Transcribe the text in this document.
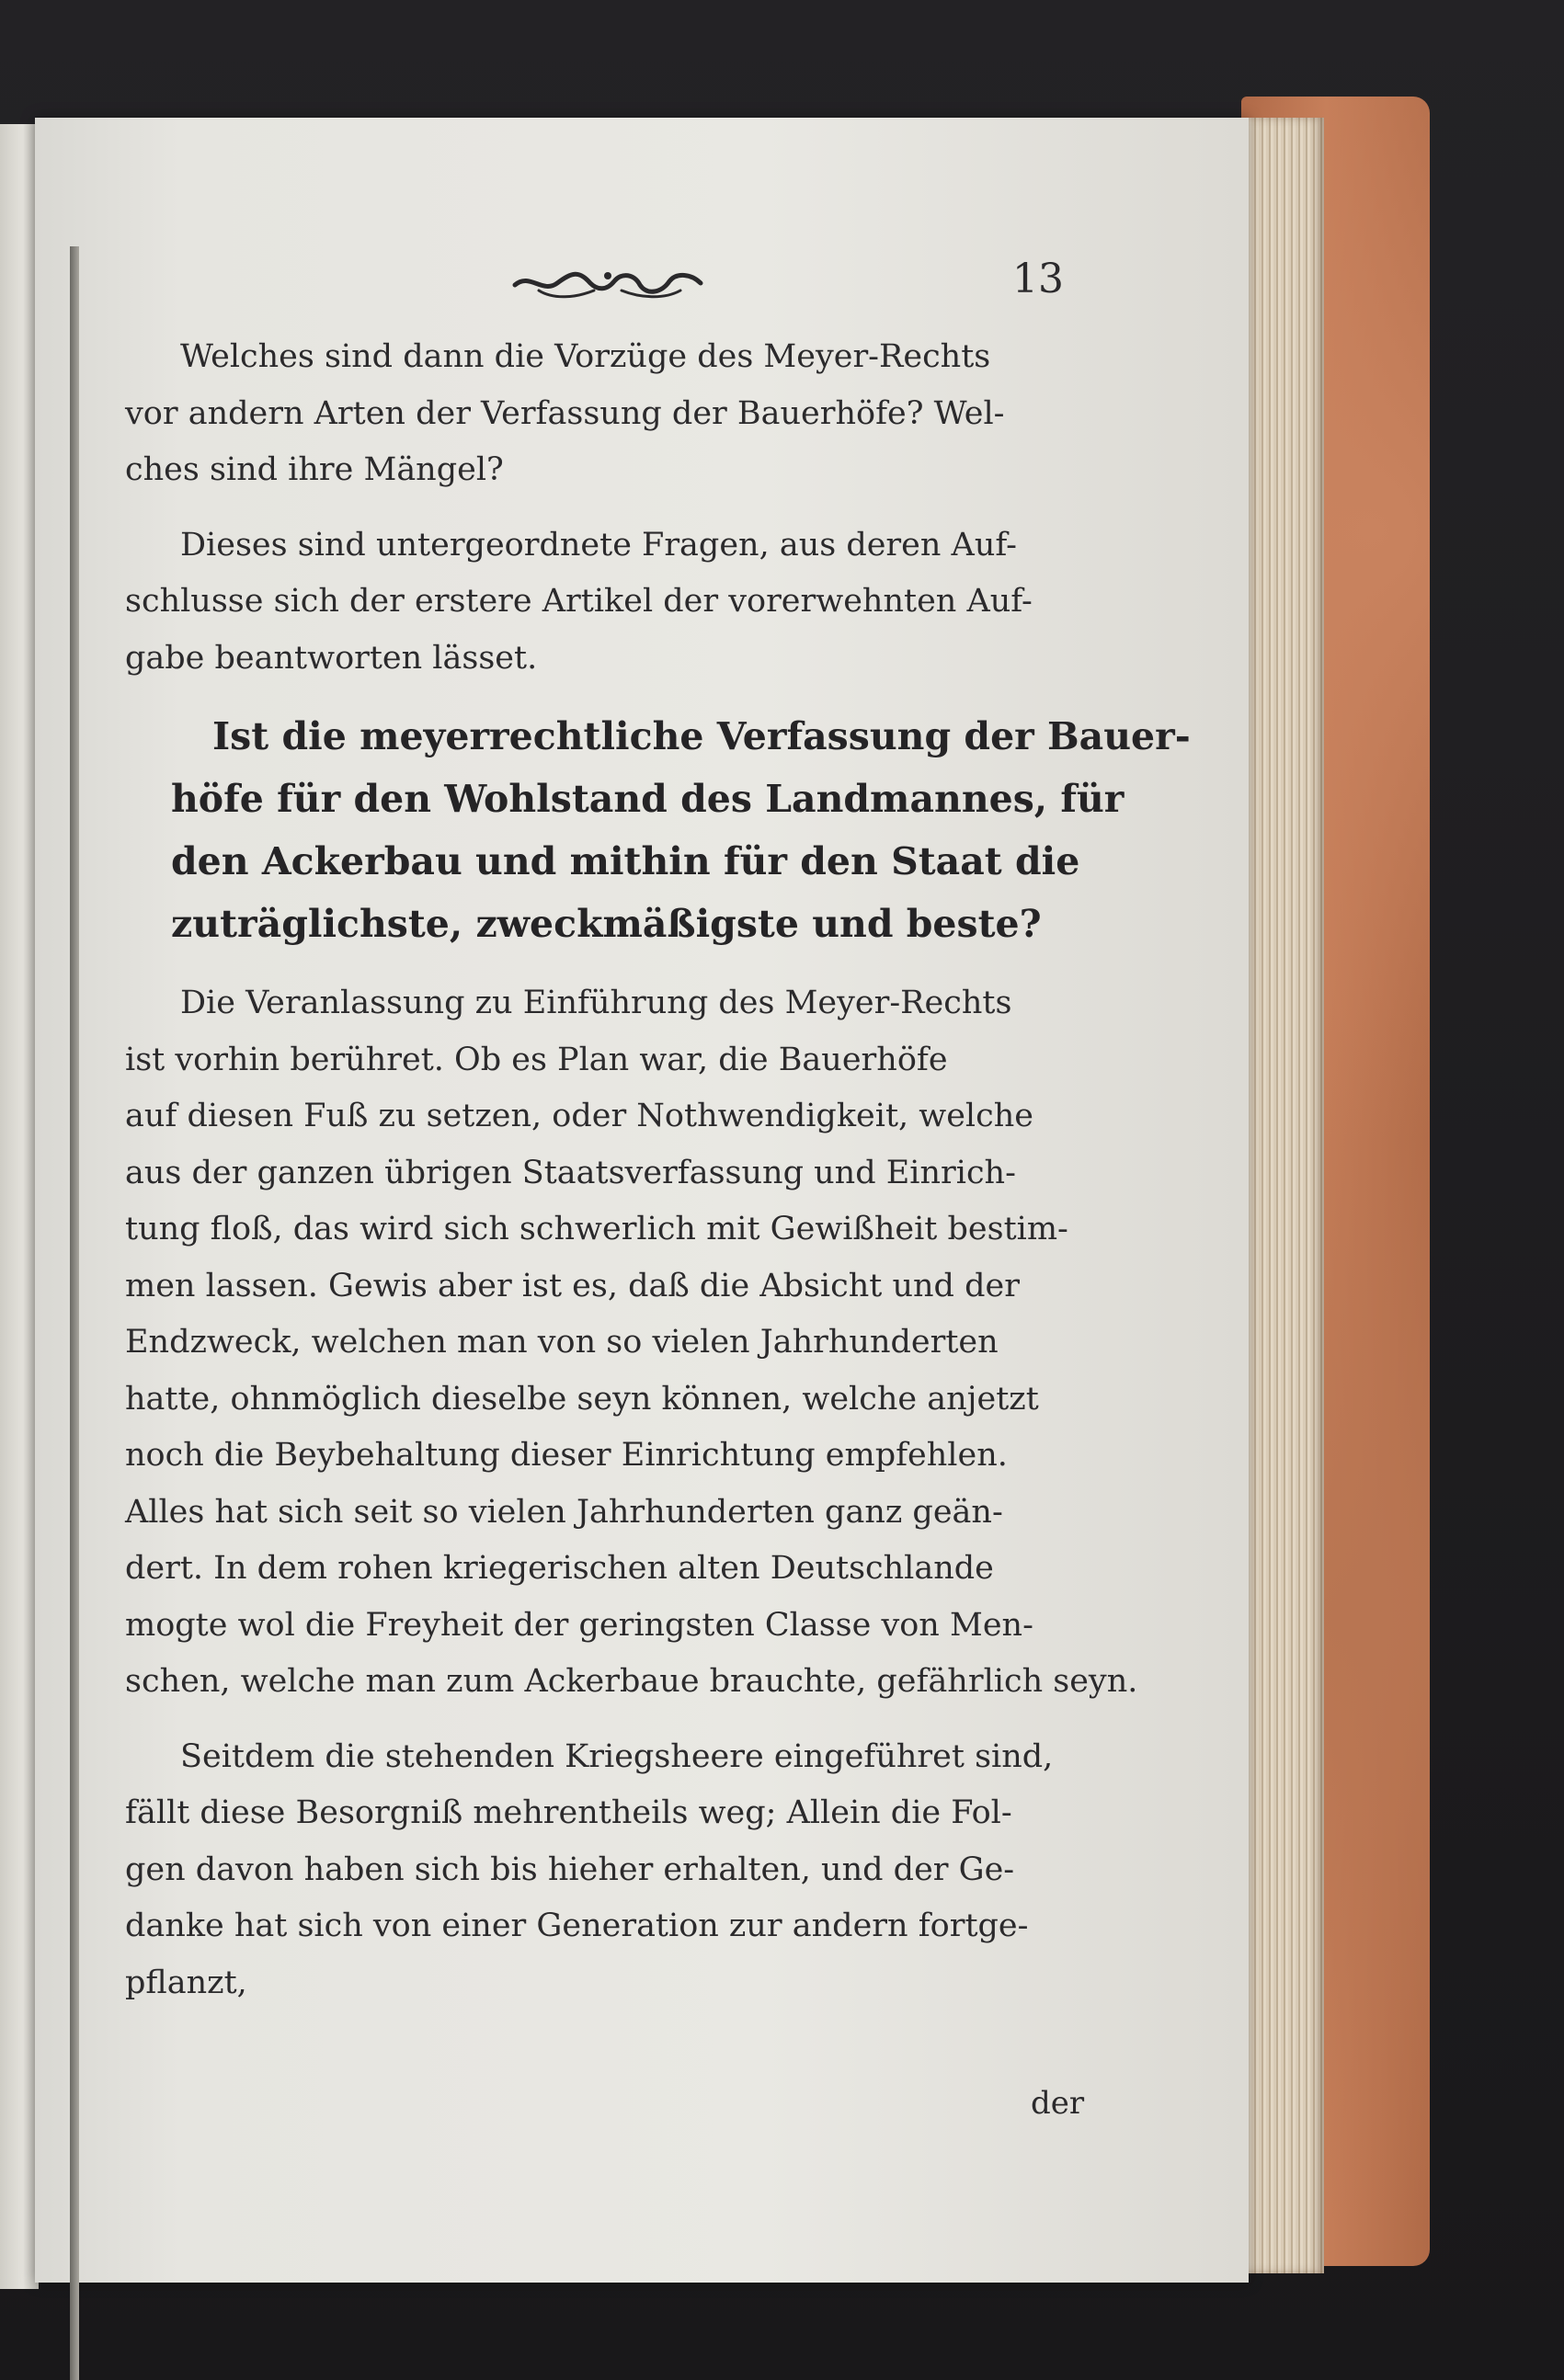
13
Welches sind dann die Vorzüge des Meyer-Rechts
vor andern Arten der Verfassung der Bauerhöfe? Wel-
ches sind ihre Mängel?
Dieses sind untergeordnete Fragen, aus deren Auf-
schlusse sich der erstere Artikel der vorerwehnten Auf-
gabe beantworten lässet.
Ist die meyerrechtliche Verfassung der Bauer-
höfe für den Wohlstand des Landmannes, für
den Ackerbau und mithin für den Staat die
zuträglichste, zweckmäßigste und beste?
Die Veranlassung zu Einführung des Meyer-Rechts
ist vorhin berühret. Ob es Plan war, die Bauerhöfe
auf diesen Fuß zu setzen, oder Nothwendigkeit, welche
aus der ganzen übrigen Staatsverfassung und Einrich-
tung floß, das wird sich schwerlich mit Gewißheit bestim-
men lassen. Gewis aber ist es, daß die Absicht und der
Endzweck, welchen man von so vielen Jahrhunderten
hatte, ohnmöglich dieselbe seyn können, welche anjetzt
noch die Beybehaltung dieser Einrichtung empfehlen.
Alles hat sich seit so vielen Jahrhunderten ganz geän-
dert. In dem rohen kriegerischen alten Deutschlande
mogte wol die Freyheit der geringsten Classe von Men-
schen, welche man zum Ackerbaue brauchte, gefährlich seyn.
Seitdem die stehenden Kriegsheere eingeführet sind,
fällt diese Besorgniß mehrentheils weg; Allein die Fol-
gen davon haben sich bis hieher erhalten, und der Ge-
danke hat sich von einer Generation zur andern fortge-
pflanzt,
der
